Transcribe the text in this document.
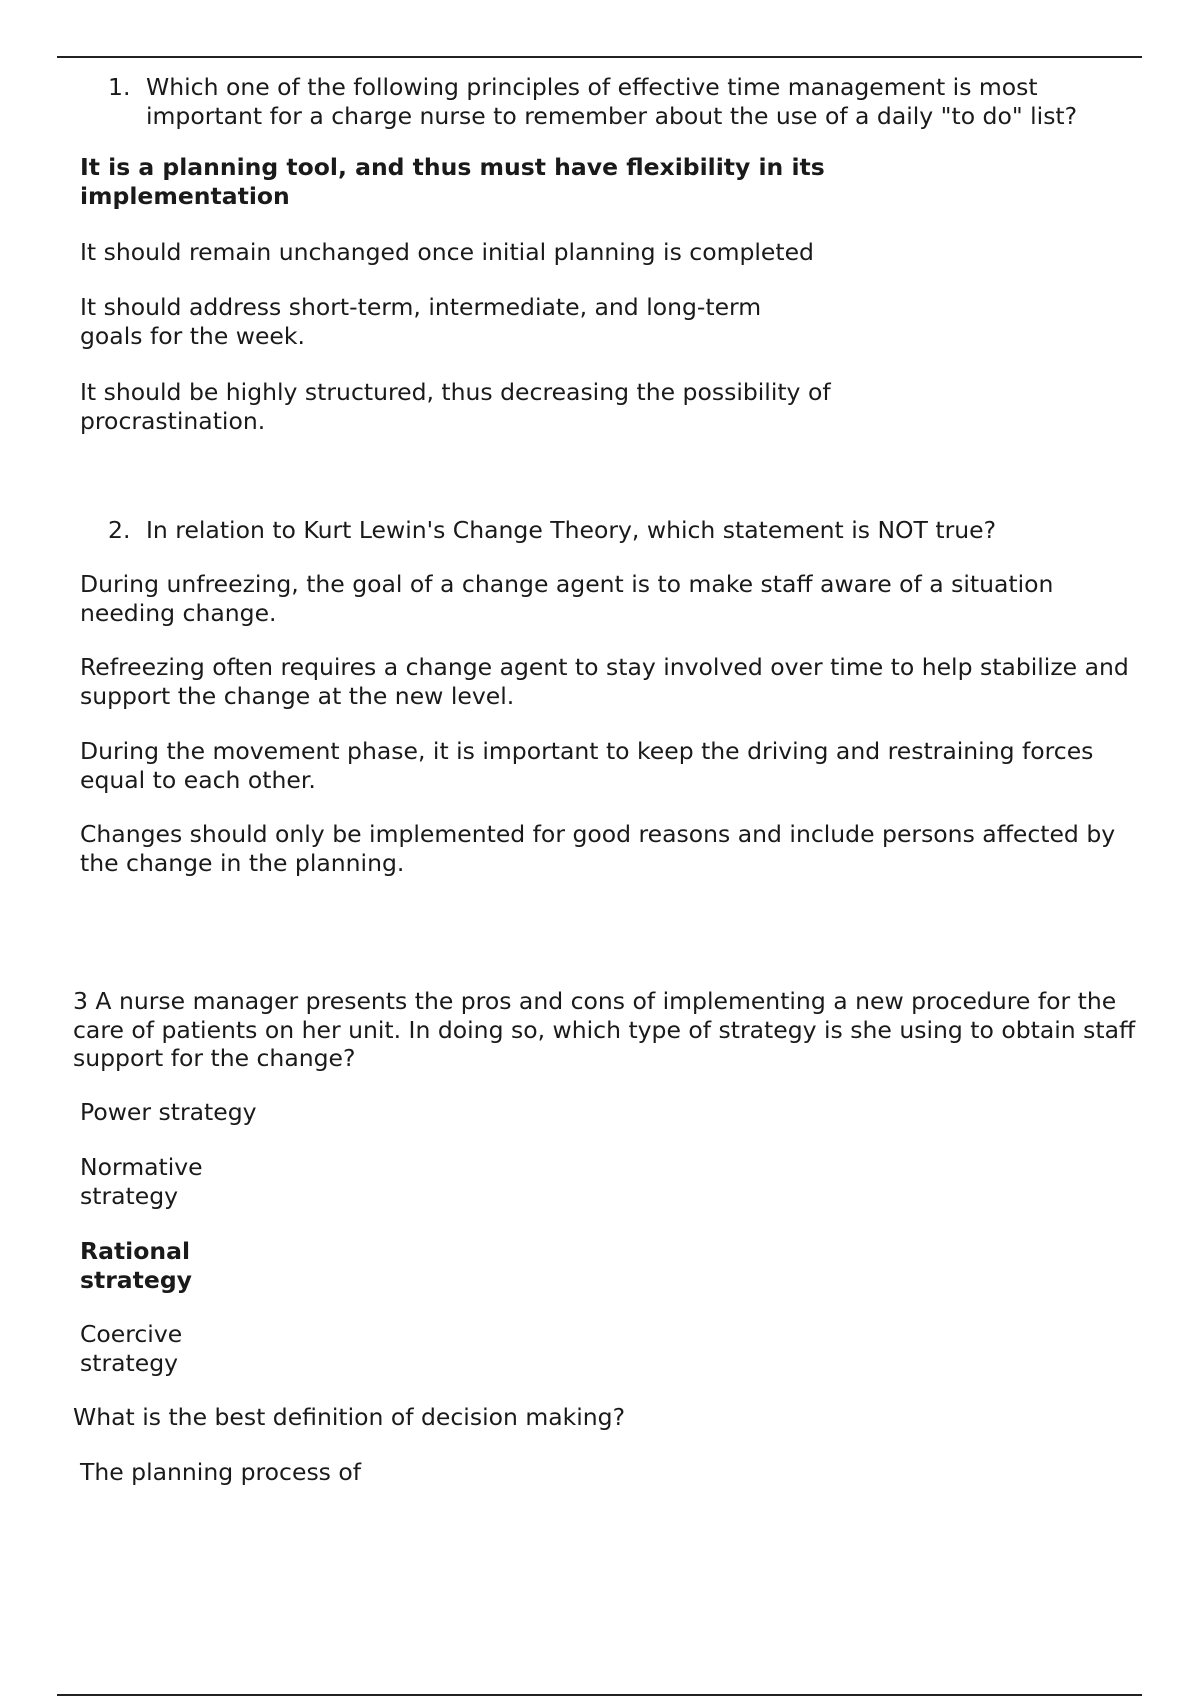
1. Which one of the following principles of effective time management is most important for a charge nurse to remember about the use of a daily "to do" list?

It is a planning tool, and thus must have flexibility in its implementation

It should remain unchanged once initial planning is completed

It should address short-term, intermediate, and long-term goals for the week.

It should be highly structured, thus decreasing the possibility of procrastination.

2. In relation to Kurt Lewin's Change Theory, which statement is NOT true?

During unfreezing, the goal of a change agent is to make staff aware of a situation needing change.

Refreezing often requires a change agent to stay involved over time to help stabilize and support the change at the new level.

During the movement phase, it is important to keep the driving and restraining forces equal to each other.

Changes should only be implemented for good reasons and include persons affected by the change in the planning.

3 A nurse manager presents the pros and cons of implementing a new procedure for the care of patients on her unit. In doing so, which type of strategy is she using to obtain staff support for the change?

Power strategy

Normative strategy

Rational strategy

Coercive strategy

What is the best definition of decision making?

The planning process of
